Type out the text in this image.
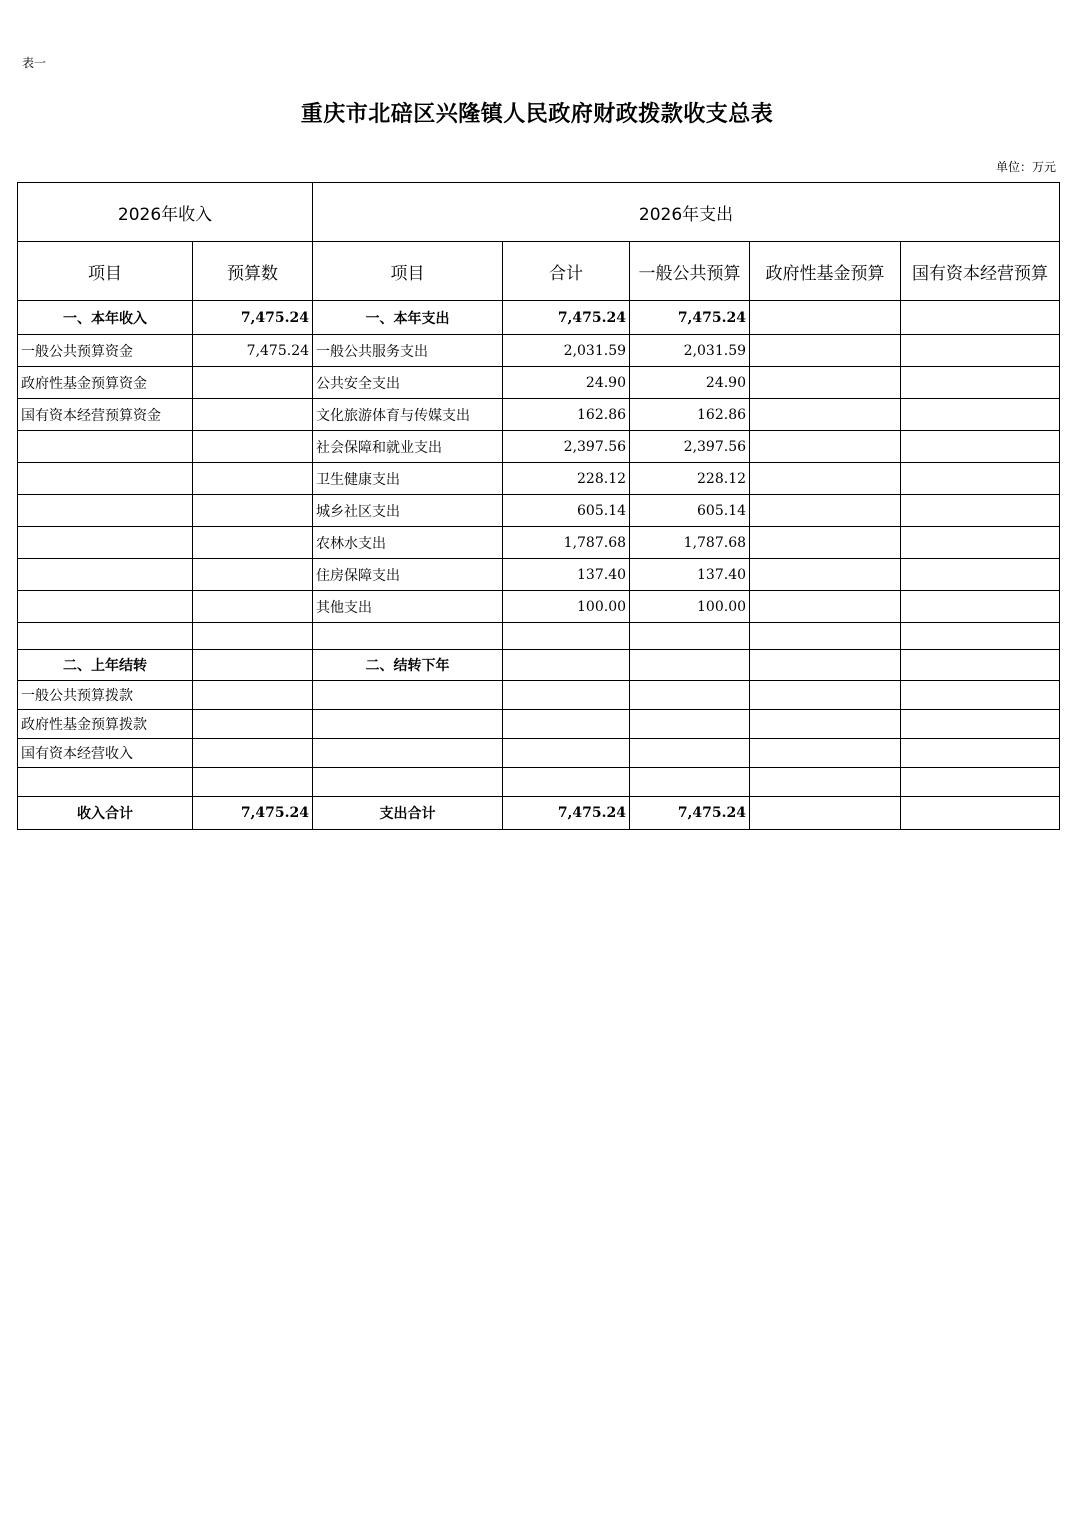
表一
重庆市北碚区兴隆镇人民政府财政拨款收支总表
单位：万元
2026年收入		2026年支出				
项目	预算数	项目	合计	一般公共预算	政府性基金预算	国有资本经营预算
一、本年收入	7,475.24	一、本年支出	7,475.24	7,475.24		
一般公共预算资金	7,475.24	一般公共服务支出	2,031.59	2,031.59		
政府性基金预算资金		公共安全支出	24.90	24.90		
国有资本经营预算资金		文化旅游体育与传媒支出	162.86	162.86		
		社会保障和就业支出	2,397.56	2,397.56		
		卫生健康支出	228.12	228.12		
		城乡社区支出	605.14	605.14		
		农林水支出	1,787.68	1,787.68		
		住房保障支出	137.40	137.40		
		其他支出	100.00	100.00		

二、上年结转		二、结转下年				
一般公共预算拨款						
政府性基金预算拨款						
国有资本经营收入						

收入合计	7,475.24	支出合计	7,475.24	7,475.24		
